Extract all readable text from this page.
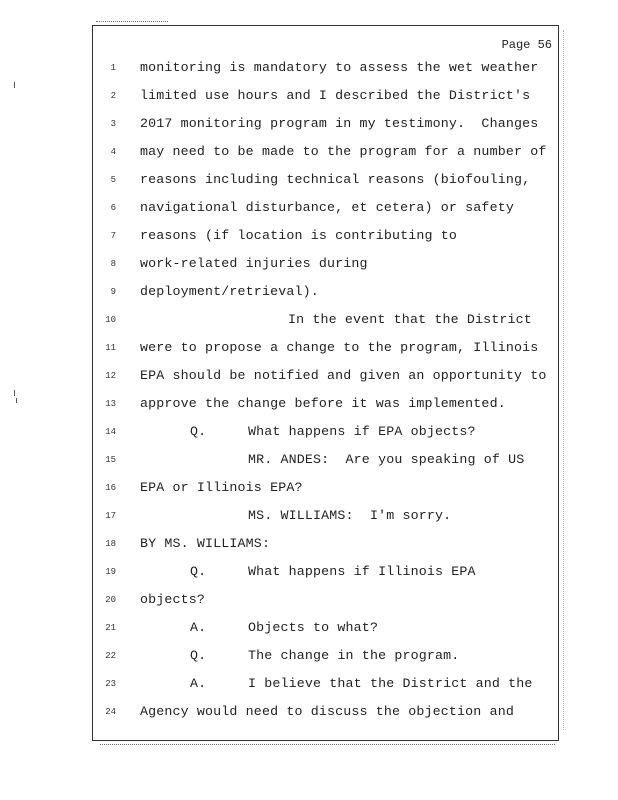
Page 56
1 monitoring is mandatory to assess the wet weather
2 limited use hours and I described the District's
3 2017 monitoring program in my testimony.  Changes
4 may need to be made to the program for a number of
5 reasons including technical reasons (biofouling,
6 navigational disturbance, et cetera) or safety
7 reasons (if location is contributing to
8 work-related injuries during
9 deployment/retrieval).
10	In the event that the District
11 were to propose a change to the program, Illinois
12 EPA should be notified and given an opportunity to
13 approve the change before it was implemented.
14	Q.	What happens if EPA objects?
15	MR. ANDES:  Are you speaking of US
16 EPA or Illinois EPA?
17	MS. WILLIAMS:  I'm sorry.
18 BY MS. WILLIAMS:
19	Q.	What happens if Illinois EPA
20 objects?
21	A.	Objects to what?
22	Q.	The change in the program.
23	A.	I believe that the District and the
24 Agency would need to discuss the objection and
